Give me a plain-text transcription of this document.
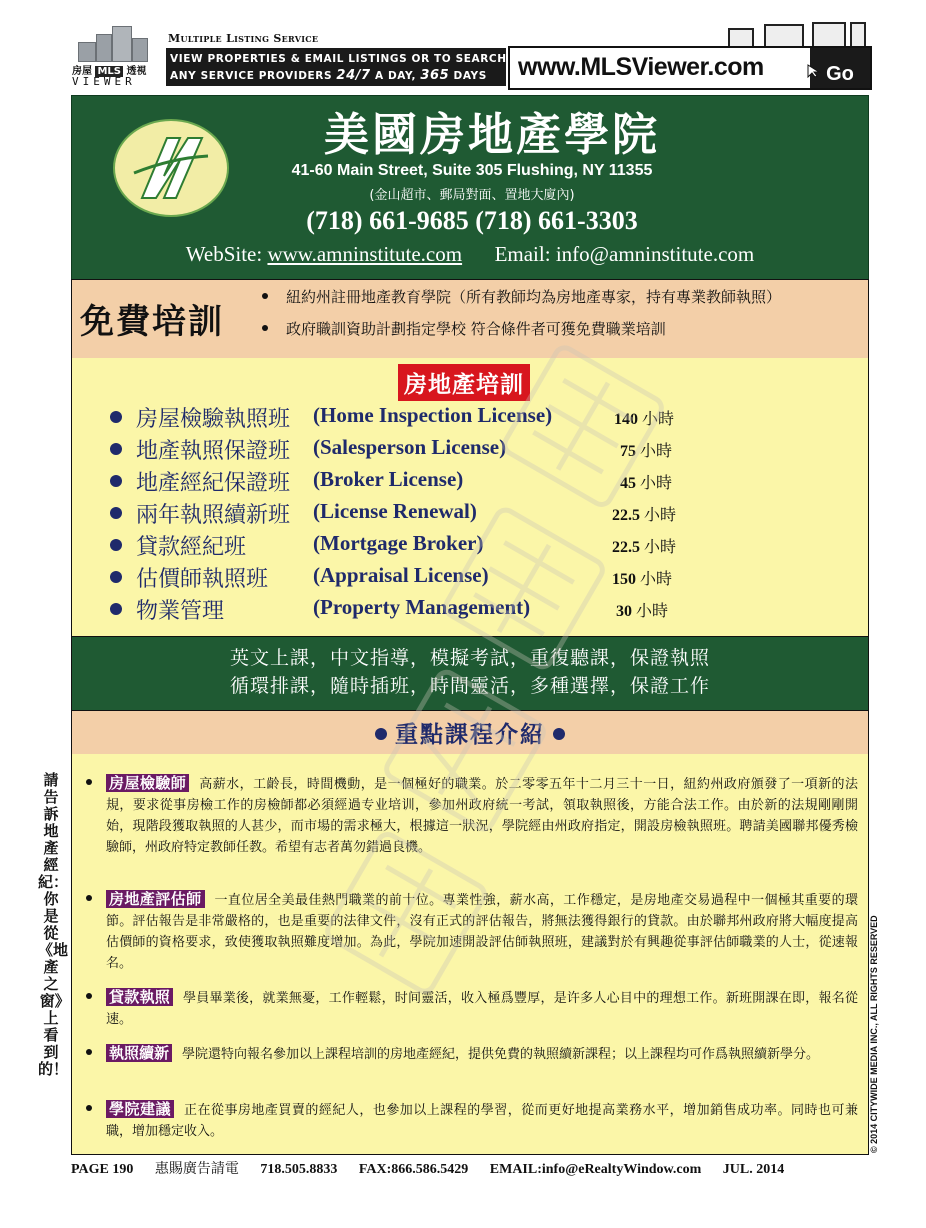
房屋 MLS 透視
VIEWER
Multiple Listing Service
VIEW PROPERTIES & EMAIL LISTINGS OR TO SEARCH
ANY SERVICE PROVIDERS 24/7 A DAY, 365 DAYS www.MLSViewer.com	Go
美國房地產學院
41-60 Main Street, Suite 305 Flushing, NY 11355
(金山超市、郵局對面、置地大廈內)
(718) 661-9685 (718) 661-3303
WebSite: www.amninstitute.com Email: info@amninstitute.com
免費培訓
紐約州註冊地產教育學院（所有教師均為房地產專家，持有專業教師執照）
政府職訓資助計劃指定學校 符合條件者可獲免費職業培訓
房地產培訓
房屋檢驗執照班 (Home Inspection License)	140 小時
地產執照保證班 (Salesperson License)	75 小時
地產經紀保證班 (Broker License)	45 小時
兩年執照續新班 (License Renewal)	22.5 小時
貸款經紀班	(Mortgage Broker)	22.5 小時
估價師執照班 (Appraisal License)	150 小時
物業管理	(Property Management)	30 小時
英文上課，中文指導，模擬考試，重復聽課，保證執照
循環排課，隨時插班，時間靈活，多種選擇，保證工作
重點課程介紹
房屋檢驗師 高薪水，工齡長，時間機動，是一個極好的職業。於二零零五年十二月三十一日，紐約州政府頒發了一項新的法規，要求從事房檢工作的房檢師都必須經過专业培训，參加州政府統一考試，領取執照後，方能合法工作。由於新的法規剛剛開始，現階段獲取執照的人甚少，而市場的需求極大，根據這一狀況，學院經由州政府指定，開設房檢執照班。聘請美國聯邦優秀檢驗師，州政府特定教師任教。希望有志者萬勿錯過良機。
房地產評估師 一直位居全美最佳熱門職業的前十位。專業性強，薪水高，工作穩定，是房地產交易過程中一個極其重要的環節。評估報告是非常嚴格的，也是重要的法律文件，沒有正式的評估報告，將無法獲得銀行的貸款。由於聯邦州政府將大幅度提高估價師的資格要求，致使獲取執照難度增加。為此，學院加速開設評估師執照班，建議對於有興趣從事評估師職業的人士，從速報名。
貸款執照 學員畢業後，就業無憂，工作輕鬆，时间靈活，收入極爲豐厚，是许多人心目中的理想工作。新班開課在即，報名從速。
執照續新 學院還特向報名參加以上課程培訓的房地產經紀，提供免費的執照續新課程；以上課程均可作爲執照續新學分。
學院建議 正在從事房地產買賣的經紀人，也參加以上課程的學習，從而更好地提高業務水平，增加銷售成功率。同時也可兼職，增加穩定收入。
請告訴地產經紀：你是從《地產之窗》上看到的！	© 2014 CITYWIDE MEDIA INC., ALL RIGHTS RESERVED
PAGE 190 惠賜廣告請電 718.505.8833 FAX:866.586.5429 EMAIL:info@eRealtyWindow.com JUL. 2014
